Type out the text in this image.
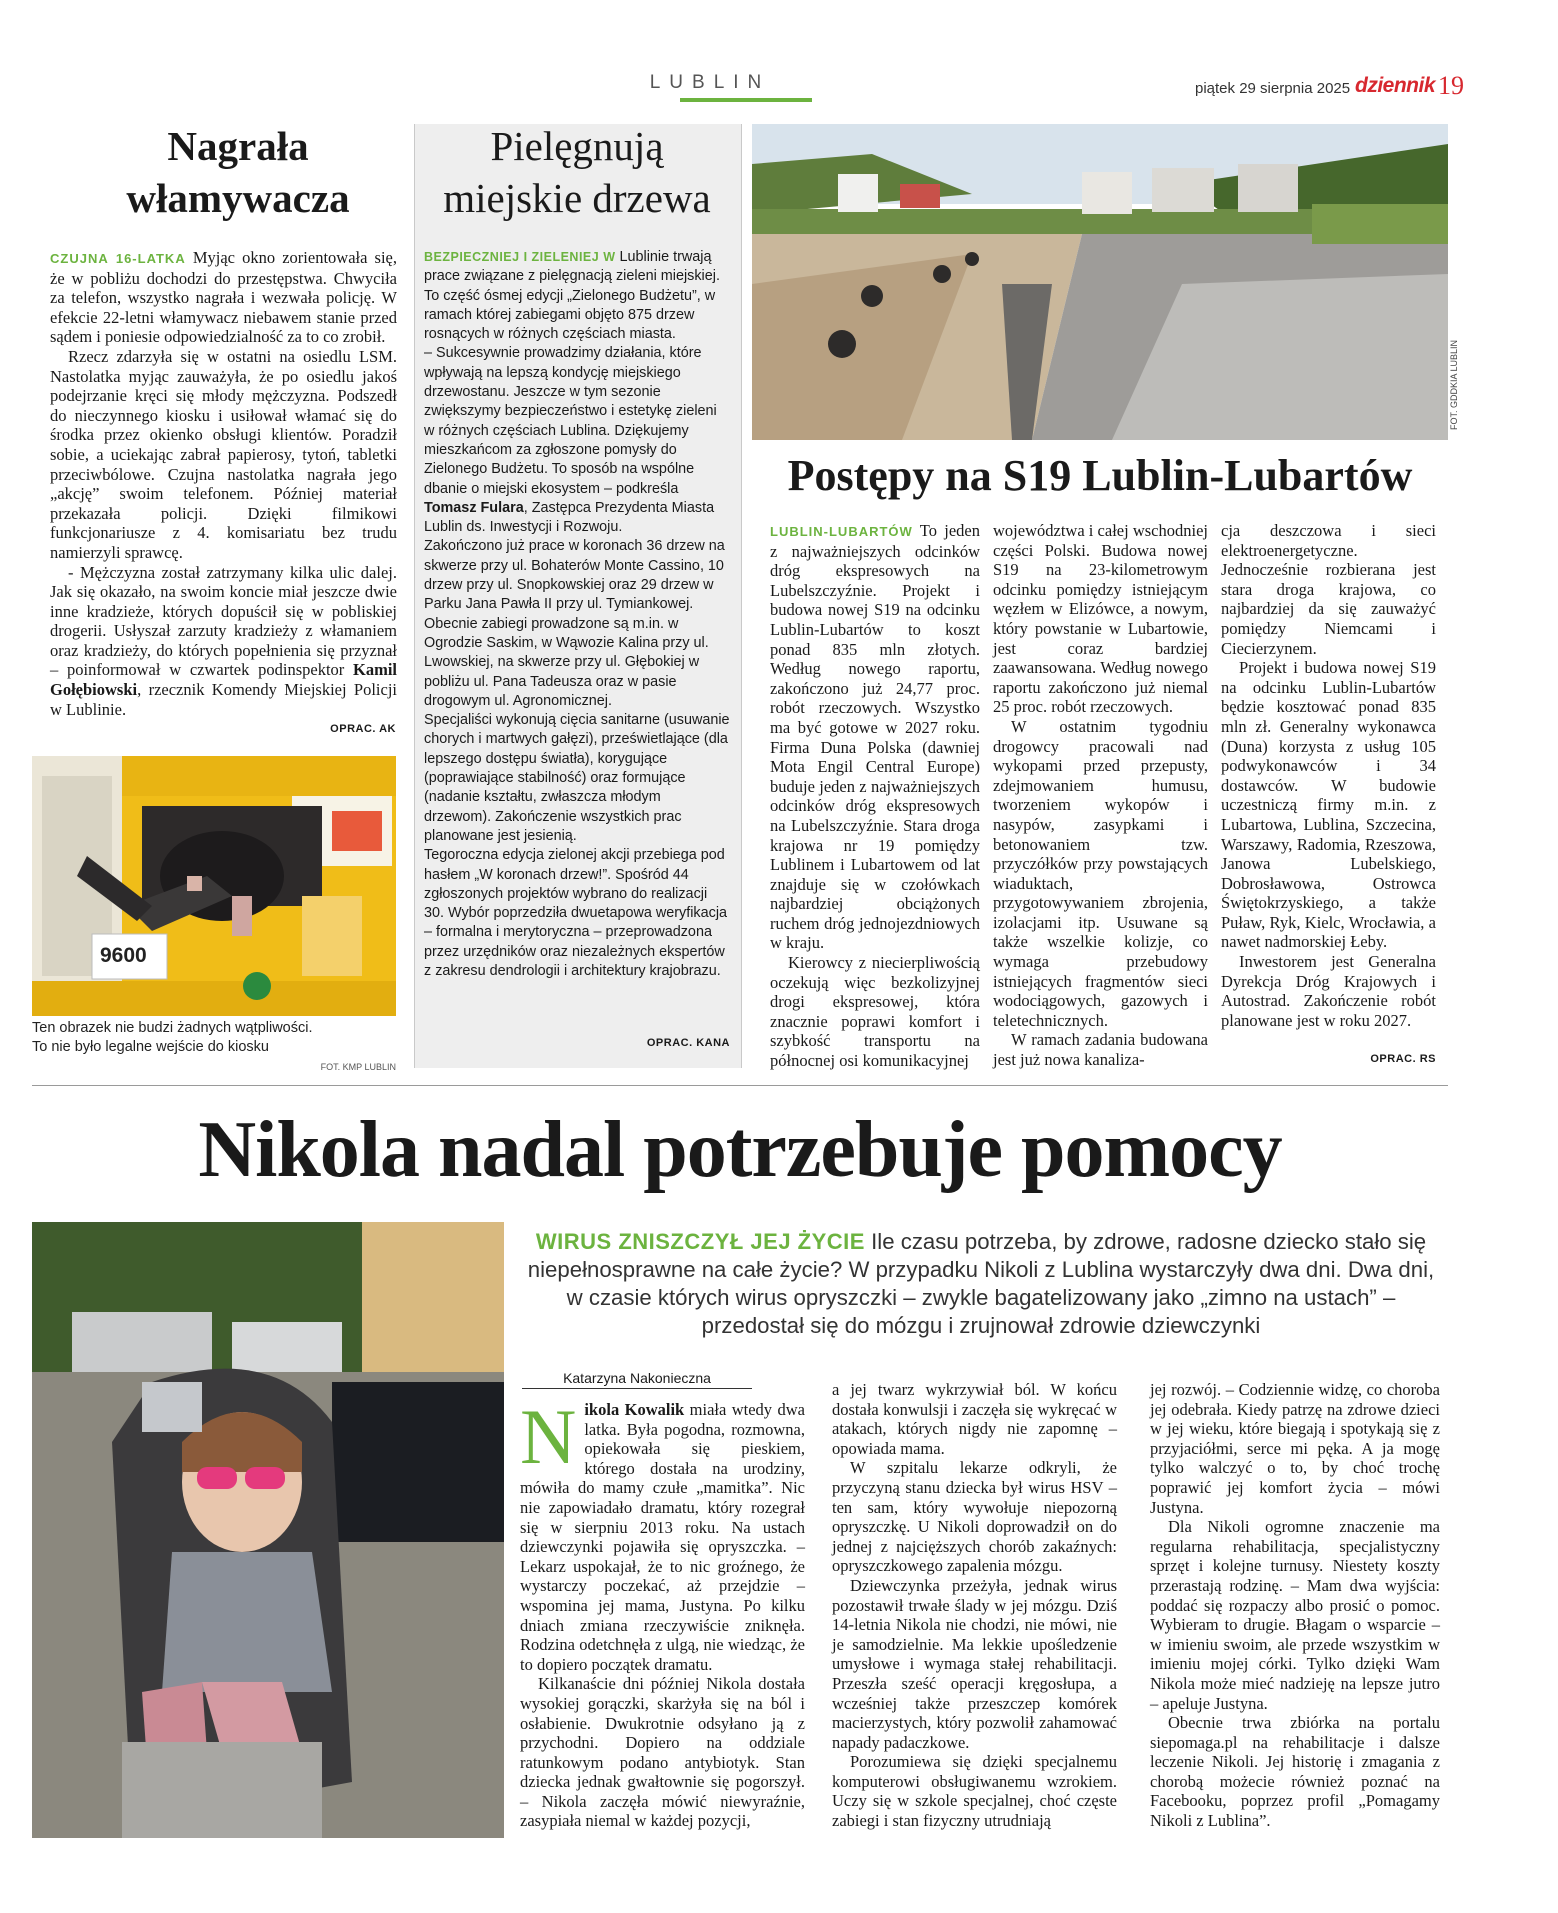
LUBLIN	piątek 29 sierpnia 2025 dziennik 19
Nagrała
włamywacza

CZUJNA 16-LATKA Myjąc okno zorientowała się, że w pobliżu dochodzi do przestępstwa. Chwyciła za telefon, wszystko nagrała i wezwała policję. W efekcie 22-letni włamywacz niebawem stanie przed sądem i poniesie odpowiedzialność za to co zrobił.

Rzecz zdarzyła się w ostatni na osiedlu LSM. Nastolatka myjąc zauważyła, że po osiedlu jakoś podejrzanie kręci się młody mężczyzna. Podszedł do nieczynnego kiosku i usiłował włamać się do środka przez okienko obsługi klientów. Poradził sobie, a uciekając zabrał papierosy, tytoń, tabletki przeciwbólowe. Czujna nastolatka nagrała jego „akcję” swoim telefonem. Później materiał przekazała policji. Dzięki filmikowi funkcjonariusze z 4. komisariatu bez trudu namierzyli sprawcę.

- Mężczyzna został zatrzymany kilka ulic dalej. Jak się okazało, na swoim koncie miał jeszcze dwie inne kradzieże, których dopuścił się w pobliskiej drogerii. Usłyszał zarzuty kradzieży z włamaniem oraz kradzieży, do których popełnienia się przyznał – poinformował w czwartek podinspektor Kamil Gołębiowski, rzecznik Komendy Miejskiej Policji w Lublinie.

OPRAC. AK
9600
Ten obrazek nie budzi żadnych wątpliwości.
To nie było legalne wejście do kiosku
FOT. KMP LUBLIN
Pielęgnują
miejskie drzewa

BEZPIECZNIEJ I ZIELENIEJ W Lublinie trwają prace związane z pielęgnacją zieleni miejskiej. To część ósmej edycji „Zielonego Budżetu”, w ramach której zabiegami objęto 875 drzew rosnących w różnych częściach miasta.

– Sukcesywnie prowadzimy działania, które wpływają na lepszą kondycję miejskiego drzewostanu. Jeszcze w tym sezonie zwiększymy bezpieczeństwo i estetykę zieleni w różnych częściach Lublina. Dziękujemy mieszkańcom za zgłoszone pomysły do Zielonego Budżetu. To sposób na wspólne dbanie o miejski ekosystem – podkreśla Tomasz Fulara, Zastępca Prezydenta Miasta Lublin ds. Inwestycji i Rozwoju.

Zakończono już prace w koronach 36 drzew na skwerze przy ul. Bohaterów Monte Cassino, 10 drzew przy ul. Snopkowskiej oraz 29 drzew w Parku Jana Pawła II przy ul. Tymiankowej. Obecnie zabiegi prowadzone są m.in. w Ogrodzie Saskim, w Wąwozie Kalina przy ul. Lwowskiej, na skwerze przy ul. Głębokiej w pobliżu ul. Pana Tadeusza oraz w pasie drogowym ul. Agronomicznej.

Specjaliści wykonują cięcia sanitarne (usuwanie chorych i martwych gałęzi), prześwietlające (dla lepszego dostępu światła), korygujące (poprawiające stabilność) oraz formujące (nadanie kształtu, zwłaszcza młodym drzewom). Zakończenie wszystkich prac planowane jest jesienią.

Tegoroczna edycja zielonej akcji przebiega pod hasłem „W koronach drzew!”. Spośród 44 zgłoszonych projektów wybrano do realizacji 30. Wybór poprzedziła dwuetapowa weryfikacja – formalna i merytoryczna – przeprowadzona przez urzędników oraz niezależnych ekspertów z zakresu dendrologii i architektury krajobrazu.

OPRAC. KANA
FOT. GDDKIA LUBLIN
Postępy na S19 Lublin-Lubartów

LUBLIN-LUBARTÓW To jeden z najważniejszych odcinków dróg ekspresowych na Lubelszczyźnie. Projekt i budowa nowej S19 na odcinku Lublin-Lubartów to koszt ponad 835 mln złotych. Według nowego raportu, zakończono już 24,77 proc. robót rzeczowych. Wszystko ma być gotowe w 2027 roku. Firma Duna Polska (dawniej Mota Engil Central Europe) buduje jeden z najważniejszych odcinków dróg ekspresowych na Lubelszczyźnie. Stara droga krajowa nr 19 pomiędzy Lublinem i Lubartowem od lat znajduje się w czołówkach najbardziej obciążonych ruchem dróg jednojezdniowych w kraju.

Kierowcy z niecierpliwością oczekują więc bezkolizyjnej drogi ekspresowej, która znacznie poprawi komfort i szybkość transportu na północnej osi komunikacyjnej

województwa i całej wschodniej części Polski. Budowa nowej S19 na 23-kilometrowym odcinku pomiędzy istniejącym węzłem w Elizówce, a nowym, który powstanie w Lubartowie, jest coraz bardziej zaawansowana. Według nowego raportu zakończono już niemal 25 proc. robót rzeczowych.

W ostatnim tygodniu drogowcy pracowali nad wykopami przed przepusty, zdejmowaniem humusu, tworzeniem wykopów i nasypów, zasypkami i betonowaniem tzw. przyczółków przy powstających wiaduktach, przygotowywaniem zbrojenia, izolacjami itp. Usuwane są także wszelkie kolizje, co wymaga przebudowy istniejących fragmentów sieci wodociągowych, gazowych i teletechnicznych.

W ramach zadania budowana jest już nowa kanaliza-

cja deszczowa i sieci elektroenergetyczne. Jednocześnie rozbierana jest stara droga krajowa, co najbardziej da się zauważyć pomiędzy Niemcami i Ciecierzynem.

Projekt i budowa nowej S19 na odcinku Lublin-Lubartów będzie kosztować ponad 835 mln zł. Generalny wykonawca (Duna) korzysta z usług 105 podwykonawców i 34 dostawców. W budowie uczestniczą firmy m.in. z Lubartowa, Lublina, Szczecina, Warszawy, Radomia, Rzeszowa, Janowa Lubelskiego, Dobrosławowa, Ostrowca Świętokrzyskiego, a także Puław, Ryk, Kielc, Wrocławia, a nawet nadmorskiej Łeby.

Inwestorem jest Generalna Dyrekcja Dróg Krajowych i Autostrad. Zakończenie robót planowane jest w roku 2027.

OPRAC. RS
Nikola nadal potrzebuje pomocy
WIRUS ZNISZCZYŁ JEJ ŻYCIE Ile czasu potrzeba, by zdrowe, radosne dziecko stało się niepełnosprawne na całe życie? W przypadku Nikoli z Lublina wystarczyły dwa dni. Dwa dni, w czasie których wirus opryszczki – zwykle bagatelizowany jako „zimno na ustach” – przedostał się do mózgu i zrujnował zdrowie dziewczynki
Katarzyna Nakonieczna

Nikola Kowalik miała wtedy dwa latka. Była pogodna, rozmowna, opiekowała się pieskiem, którego dostała na urodziny, mówiła do mamy czułe „mamitka”. Nic nie zapowiadało dramatu, który rozegrał się w sierpniu 2013 roku. Na ustach dziewczynki pojawiła się opryszczka. – Lekarz uspokajał, że to nic groźnego, że wystarczy poczekać, aż przejdzie – wspomina jej mama, Justyna. Po kilku dniach zmiana rzeczywiście zniknęła. Rodzina odetchnęła z ulgą, nie wiedząc, że to dopiero początek dramatu.

Kilkanaście dni później Nikola dostała wysokiej gorączki, skarżyła się na ból i osłabienie. Dwukrotnie odsyłano ją z przychodni. Dopiero na oddziale ratunkowym podano antybiotyk. Stan dziecka jednak gwałtownie się pogorszył. – Nikola zaczęła mówić niewyraźnie, zasypiała niemal w każdej pozycji,

a jej twarz wykrzywiał ból. W końcu dostała konwulsji i zaczęła się wykręcać w atakach, których nigdy nie zapomnę – opowiada mama.

W szpitalu lekarze odkryli, że przyczyną stanu dziecka był wirus HSV – ten sam, który wywołuje niepozorną opryszczkę. U Nikoli doprowadził on do jednej z najcięższych chorób zakaźnych: opryszczkowego zapalenia mózgu.

Dziewczynka przeżyła, jednak wirus pozostawił trwałe ślady w jej mózgu. Dziś 14-letnia Nikola nie chodzi, nie mówi, nie je samodzielnie. Ma lekkie upośledzenie umysłowe i wymaga stałej rehabilitacji. Przeszła sześć operacji kręgosłupa, a wcześniej także przeszczep komórek macierzystych, który pozwolił zahamować napady padaczkowe.

Porozumiewa się dzięki specjalnemu komputerowi obsługiwanemu wzrokiem. Uczy się w szkole specjalnej, choć częste zabiegi i stan fizyczny utrudniają

jej rozwój. – Codziennie widzę, co choroba jej odebrała. Kiedy patrzę na zdrowe dzieci w jej wieku, które biegają i spotykają się z przyjaciółmi, serce mi pęka. A ja mogę tylko walczyć o to, by choć trochę poprawić jej komfort życia – mówi Justyna.

Dla Nikoli ogromne znaczenie ma regularna rehabilitacja, specjalistyczny sprzęt i kolejne turnusy. Niestety koszty przerastają rodzinę. – Mam dwa wyjścia: poddać się rozpaczy albo prosić o pomoc. Wybieram to drugie. Błagam o wsparcie – w imieniu swoim, ale przede wszystkim w imieniu mojej córki. Tylko dzięki Wam Nikola może mieć nadzieję na lepsze jutro – apeluje Justyna.

Obecnie trwa zbiórka na portalu siepomaga.pl na rehabilitacje i dalsze leczenie Nikoli. Jej historię i zmagania z chorobą możecie również poznać na Facebooku, poprzez profil „Pomagamy Nikoli z Lublina”.
